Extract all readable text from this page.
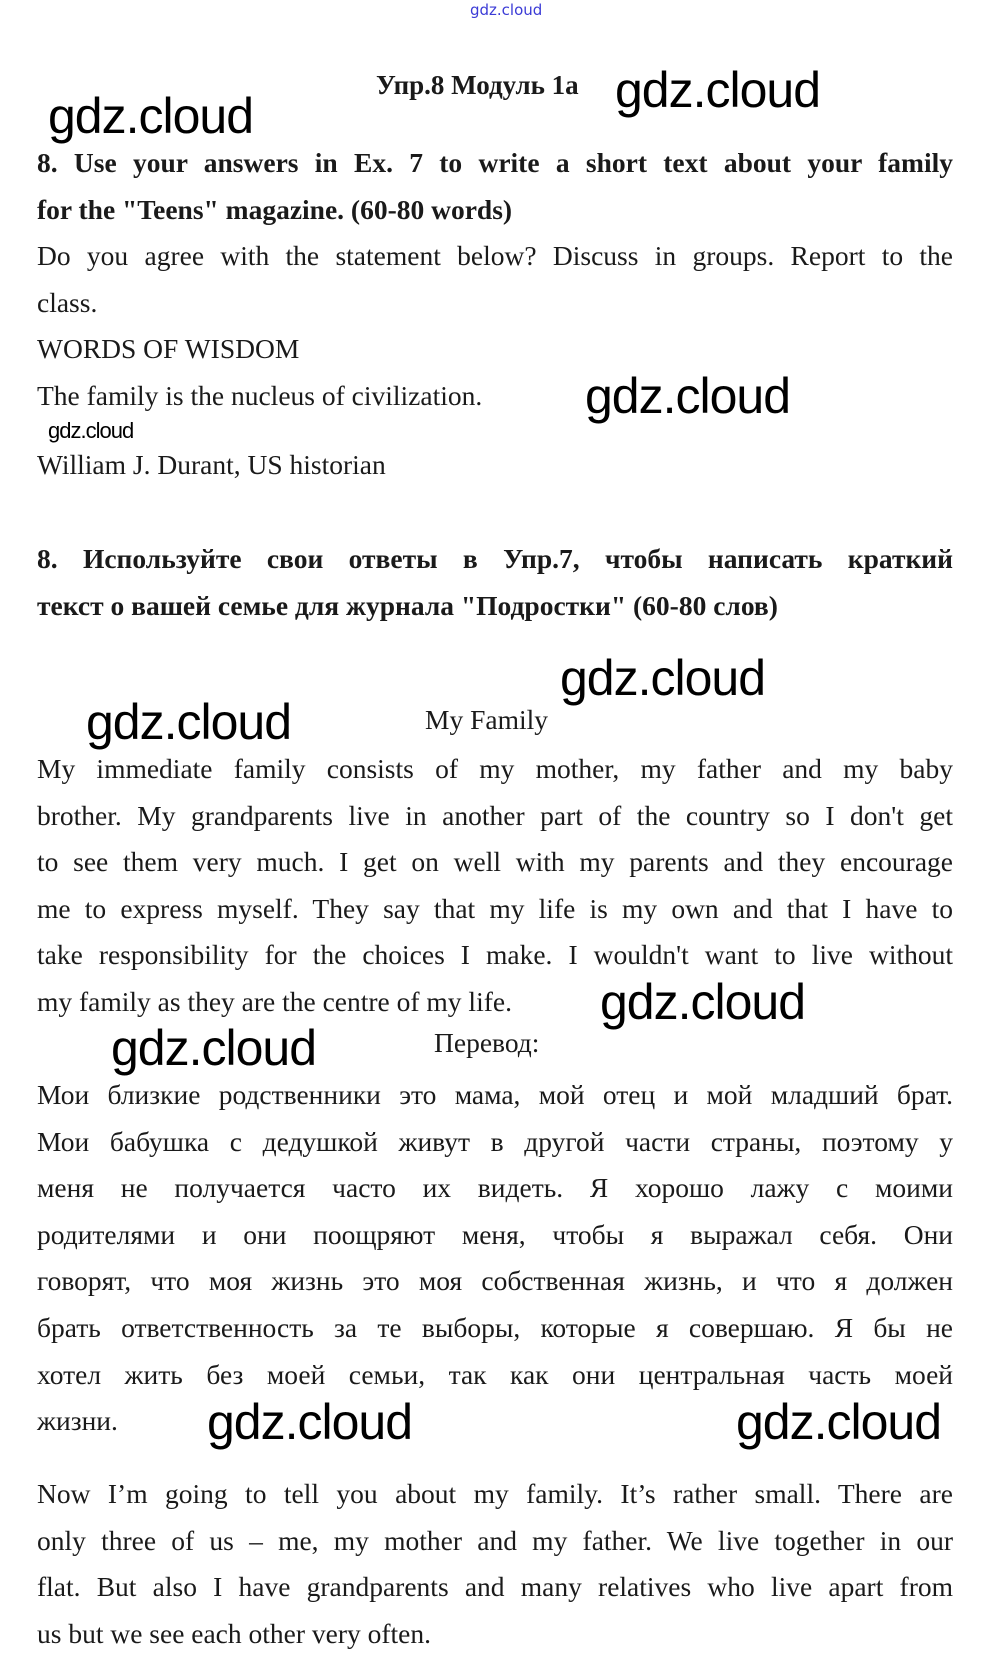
gdz.cloud
Упр.8 Модуль 1a
8. Use your answers in Ex. 7 to write a short text about your family
for the "Teens" magazine. (60-80 words)
Do you agree with the statement below? Discuss in groups. Report to the
class.
WORDS OF WISDOM
The family is the nucleus of civilization.
William J. Durant, US historian
8. Используйте свои ответы в Упр.7, чтобы написать краткий
текст о вашей семье для журнала "Подростки" (60-80 слов)
My Family
My immediate family consists of my mother, my father and my baby
brother. My grandparents live in another part of the country so I don't get
to see them very much. I get on well with my parents and they encourage
me to express myself. They say that my life is my own and that I have to
take responsibility for the choices I make. I wouldn't want to live without
my family as they are the centre of my life.
Перевод:
Мои близкие родственники это мама, мой отец и мой младший брат.
Мои бабушка с дедушкой живут в другой части страны, поэтому у
меня не получается часто их видеть. Я хорошо лажу с моими
родителями и они поощряют меня, чтобы я выражал себя. Они
говорят, что моя жизнь это моя собственная жизнь, и что я должен
брать ответственность за те выборы, которые я совершаю. Я бы не
хотел жить без моей семьи, так как они центральная часть моей
жизни.
Now I’m going to tell you about my family. It’s rather small. There are
only three of us – me, my mother and my father. We live together in our
flat. But also I have grandparents and many relatives who live apart from
us but we see each other very often.
gdz.cloud	gdz.cloud
gdz.cloud
gdz.cloud
gdz.cloud
gdz.cloud
gdz.cloud
gdz.cloud
gdz.cloud	gdz.cloud
